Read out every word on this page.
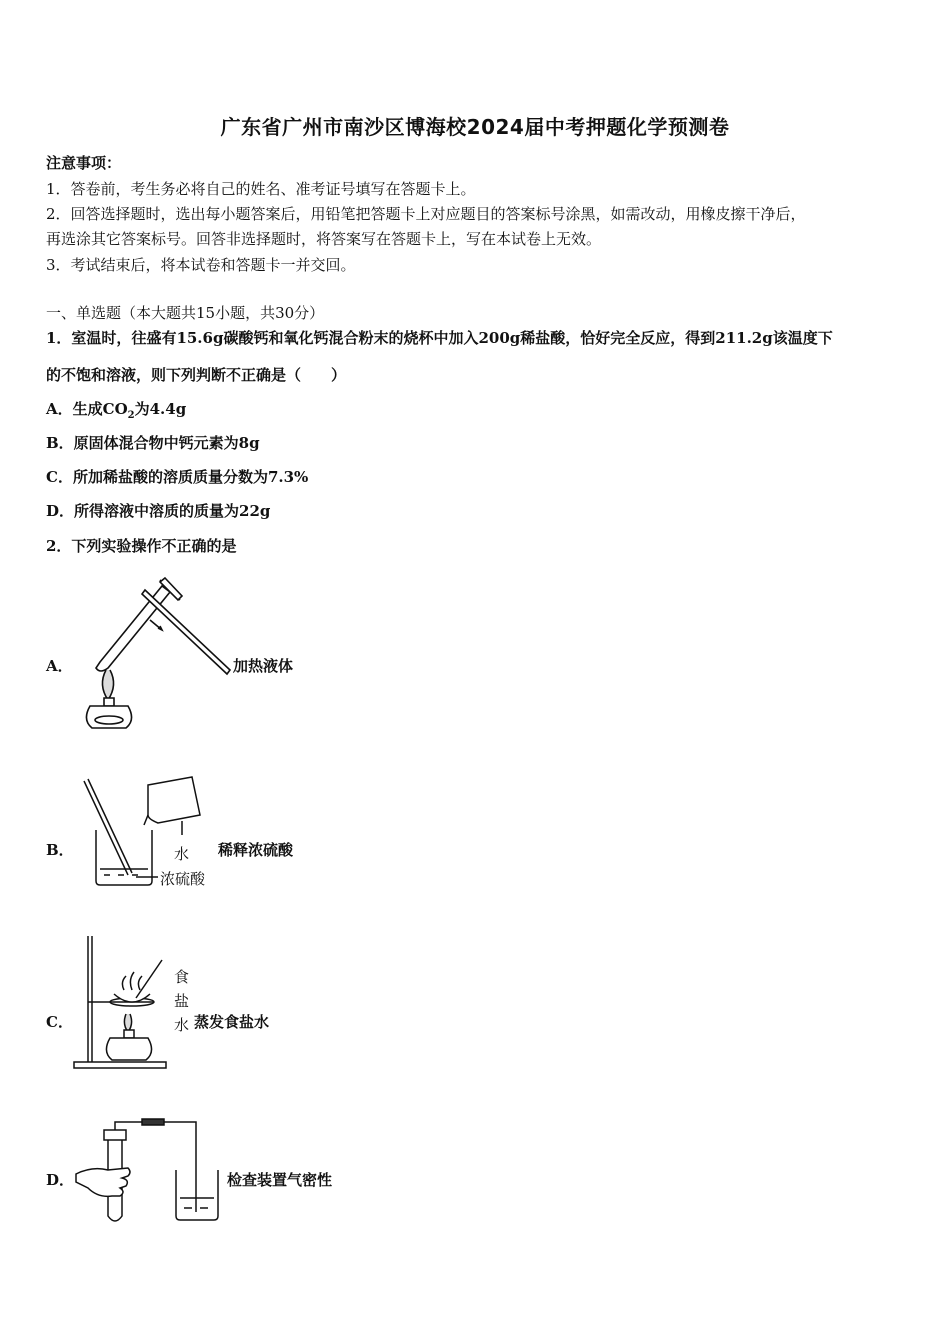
广东省广州市南沙区博海校2024届中考押题化学预测卷
注意事项：
1．答卷前，考生务必将自己的姓名、准考证号填写在答题卡上。
2．回答选择题时，选出每小题答案后，用铅笔把答题卡上对应题目的答案标号涂黑，如需改动，用橡皮擦干净后，
再选涂其它答案标号。回答非选择题时，将答案写在答题卡上，写在本试卷上无效。
3．考试结束后，将本试卷和答题卡一并交回。
一、单选题（本大题共15小题，共30分）
1．室温时，往盛有15.6g碳酸钙和氧化钙混合粉末的烧杯中加入200g稀盐酸，恰好完全反应，得到211.2g该温度下
的不饱和溶液，则下列判断不正确是（　　）
A．生成$CO_2$为4.4g
B．原固体混合物中钙元素为8g
C．所加稀盐酸的溶质质量分数为7.3%
D．所得溶液中溶质的质量为22g
2．下列实验操作不正确的是
A．	加热液体
B．	水
浓硫酸
稀释浓硫酸
C．
食
盐
水 蒸发食盐水
D．	检查装置气密性
